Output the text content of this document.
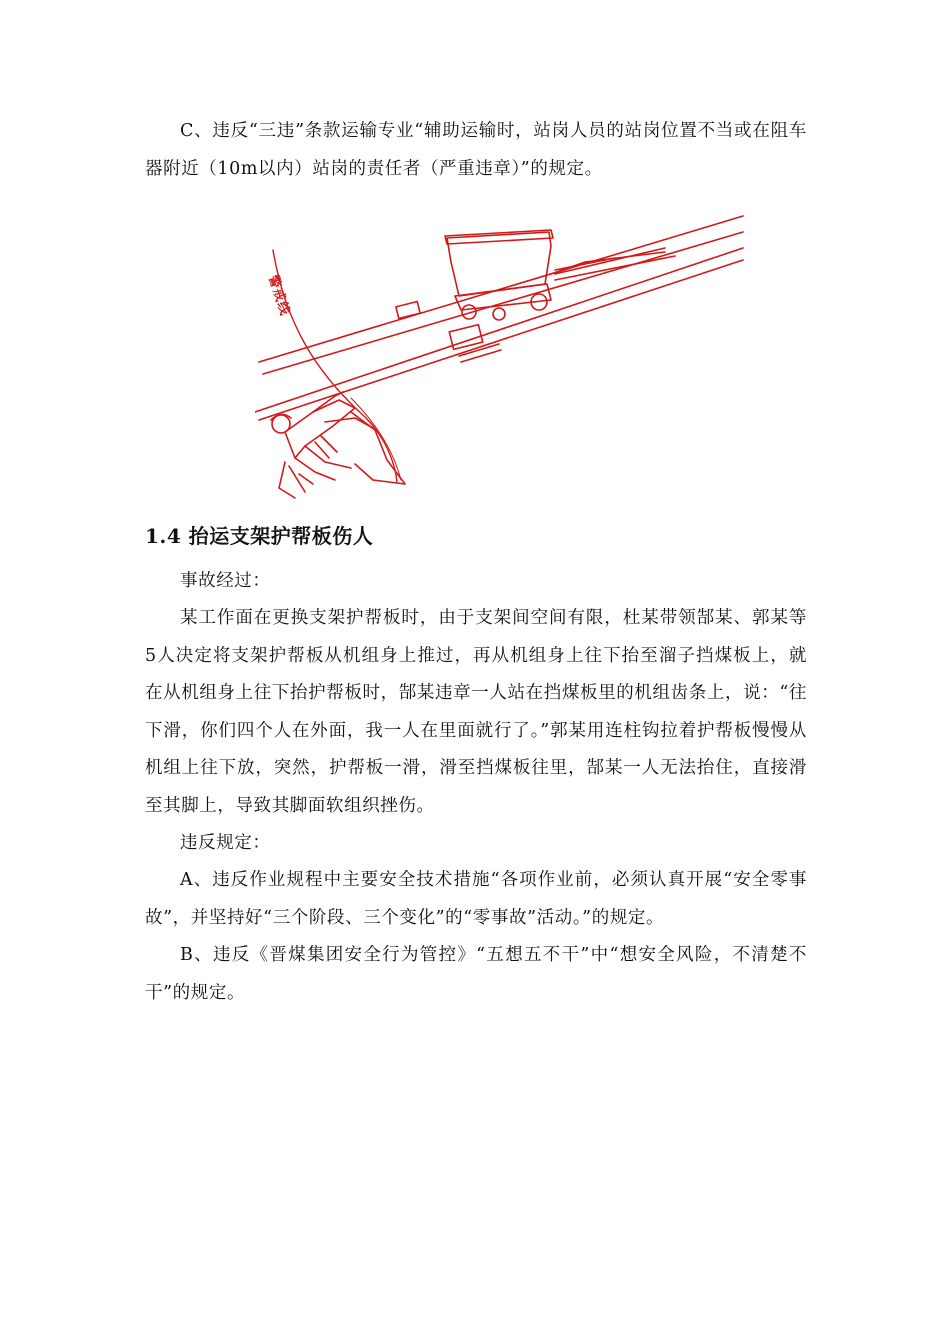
C、违反“三违”条款运输专业“辅助运输时，站岗人员的站岗位置不当或在阻车器附近（10m以内）站岗的责任者（严重违章）”的规定。

警戒线
1.4 抬运支架护帮板伤人

事故经过：

某工作面在更换支架护帮板时，由于支架间空间有限，杜某带领郜某、郭某等5人决定将支架护帮板从机组身上推过，再从机组身上往下抬至溜子挡煤板上，就在从机组身上往下抬护帮板时，郜某违章一人站在挡煤板里的机组齿条上，说：“往下滑，你们四个人在外面，我一人在里面就行了。”郭某用连柱钩拉着护帮板慢慢从机组上往下放，突然，护帮板一滑，滑至挡煤板往里，郜某一人无法抬住，直接滑至其脚上，导致其脚面软组织挫伤。

违反规定：

A、违反作业规程中主要安全技术措施“各项作业前，必须认真开展“安全零事故”，并坚持好“三个阶段、三个变化”的“零事故”活动。”的规定。

B、违反《晋煤集团安全行为管控》“五想五不干”中“想安全风险，不清楚不干”的规定。
